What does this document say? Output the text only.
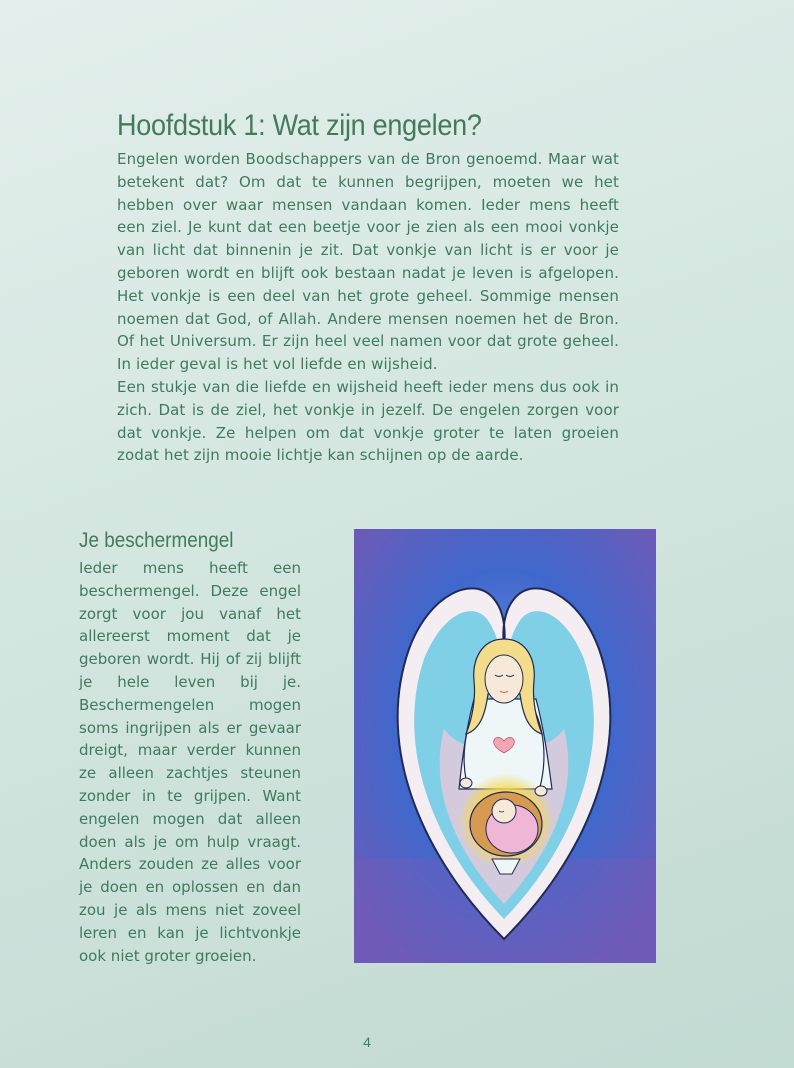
Hoofdstuk 1: Wat zijn engelen?

Engelen worden Boodschappers van de Bron genoemd. Maar wat betekent dat? Om dat te kunnen begrijpen, moeten we het hebben over waar mensen vandaan komen. Ieder mens heeft een ziel. Je kunt dat een beetje voor je zien als een mooi vonkje van licht dat binnenin je zit. Dat vonkje van licht is er voor je geboren wordt en blijft ook bestaan nadat je leven is afgelopen. Het vonkje is een deel van het grote geheel. Sommige mensen noemen dat God, of Allah. Andere mensen noemen het de Bron. Of het Universum. Er zijn heel veel namen voor dat grote geheel. In ieder geval is het vol liefde en wijsheid.

Een stukje van die liefde en wijsheid heeft ieder mens dus ook in zich. Dat is de ziel, het vonkje in jezelf. De engelen zorgen voor dat vonkje. Ze helpen om dat vonkje groter te laten groeien zodat het zijn mooie lichtje kan schijnen op de aarde.

Je beschermengel

Ieder mens heeft een beschermengel. Deze engel zorgt voor jou vanaf het allereerst moment dat je geboren wordt. Hij of zij blijft je hele leven bij je. Beschermengelen mogen soms ingrijpen als er gevaar dreigt, maar verder kunnen ze alleen zachtjes steunen zonder in te grijpen. Want engelen mogen dat alleen doen als je om hulp vraagt. Anders zouden ze alles voor je doen en oplossen en dan zou je als mens niet zoveel leren en kan je lichtvonkje ook niet groter groeien.

4
